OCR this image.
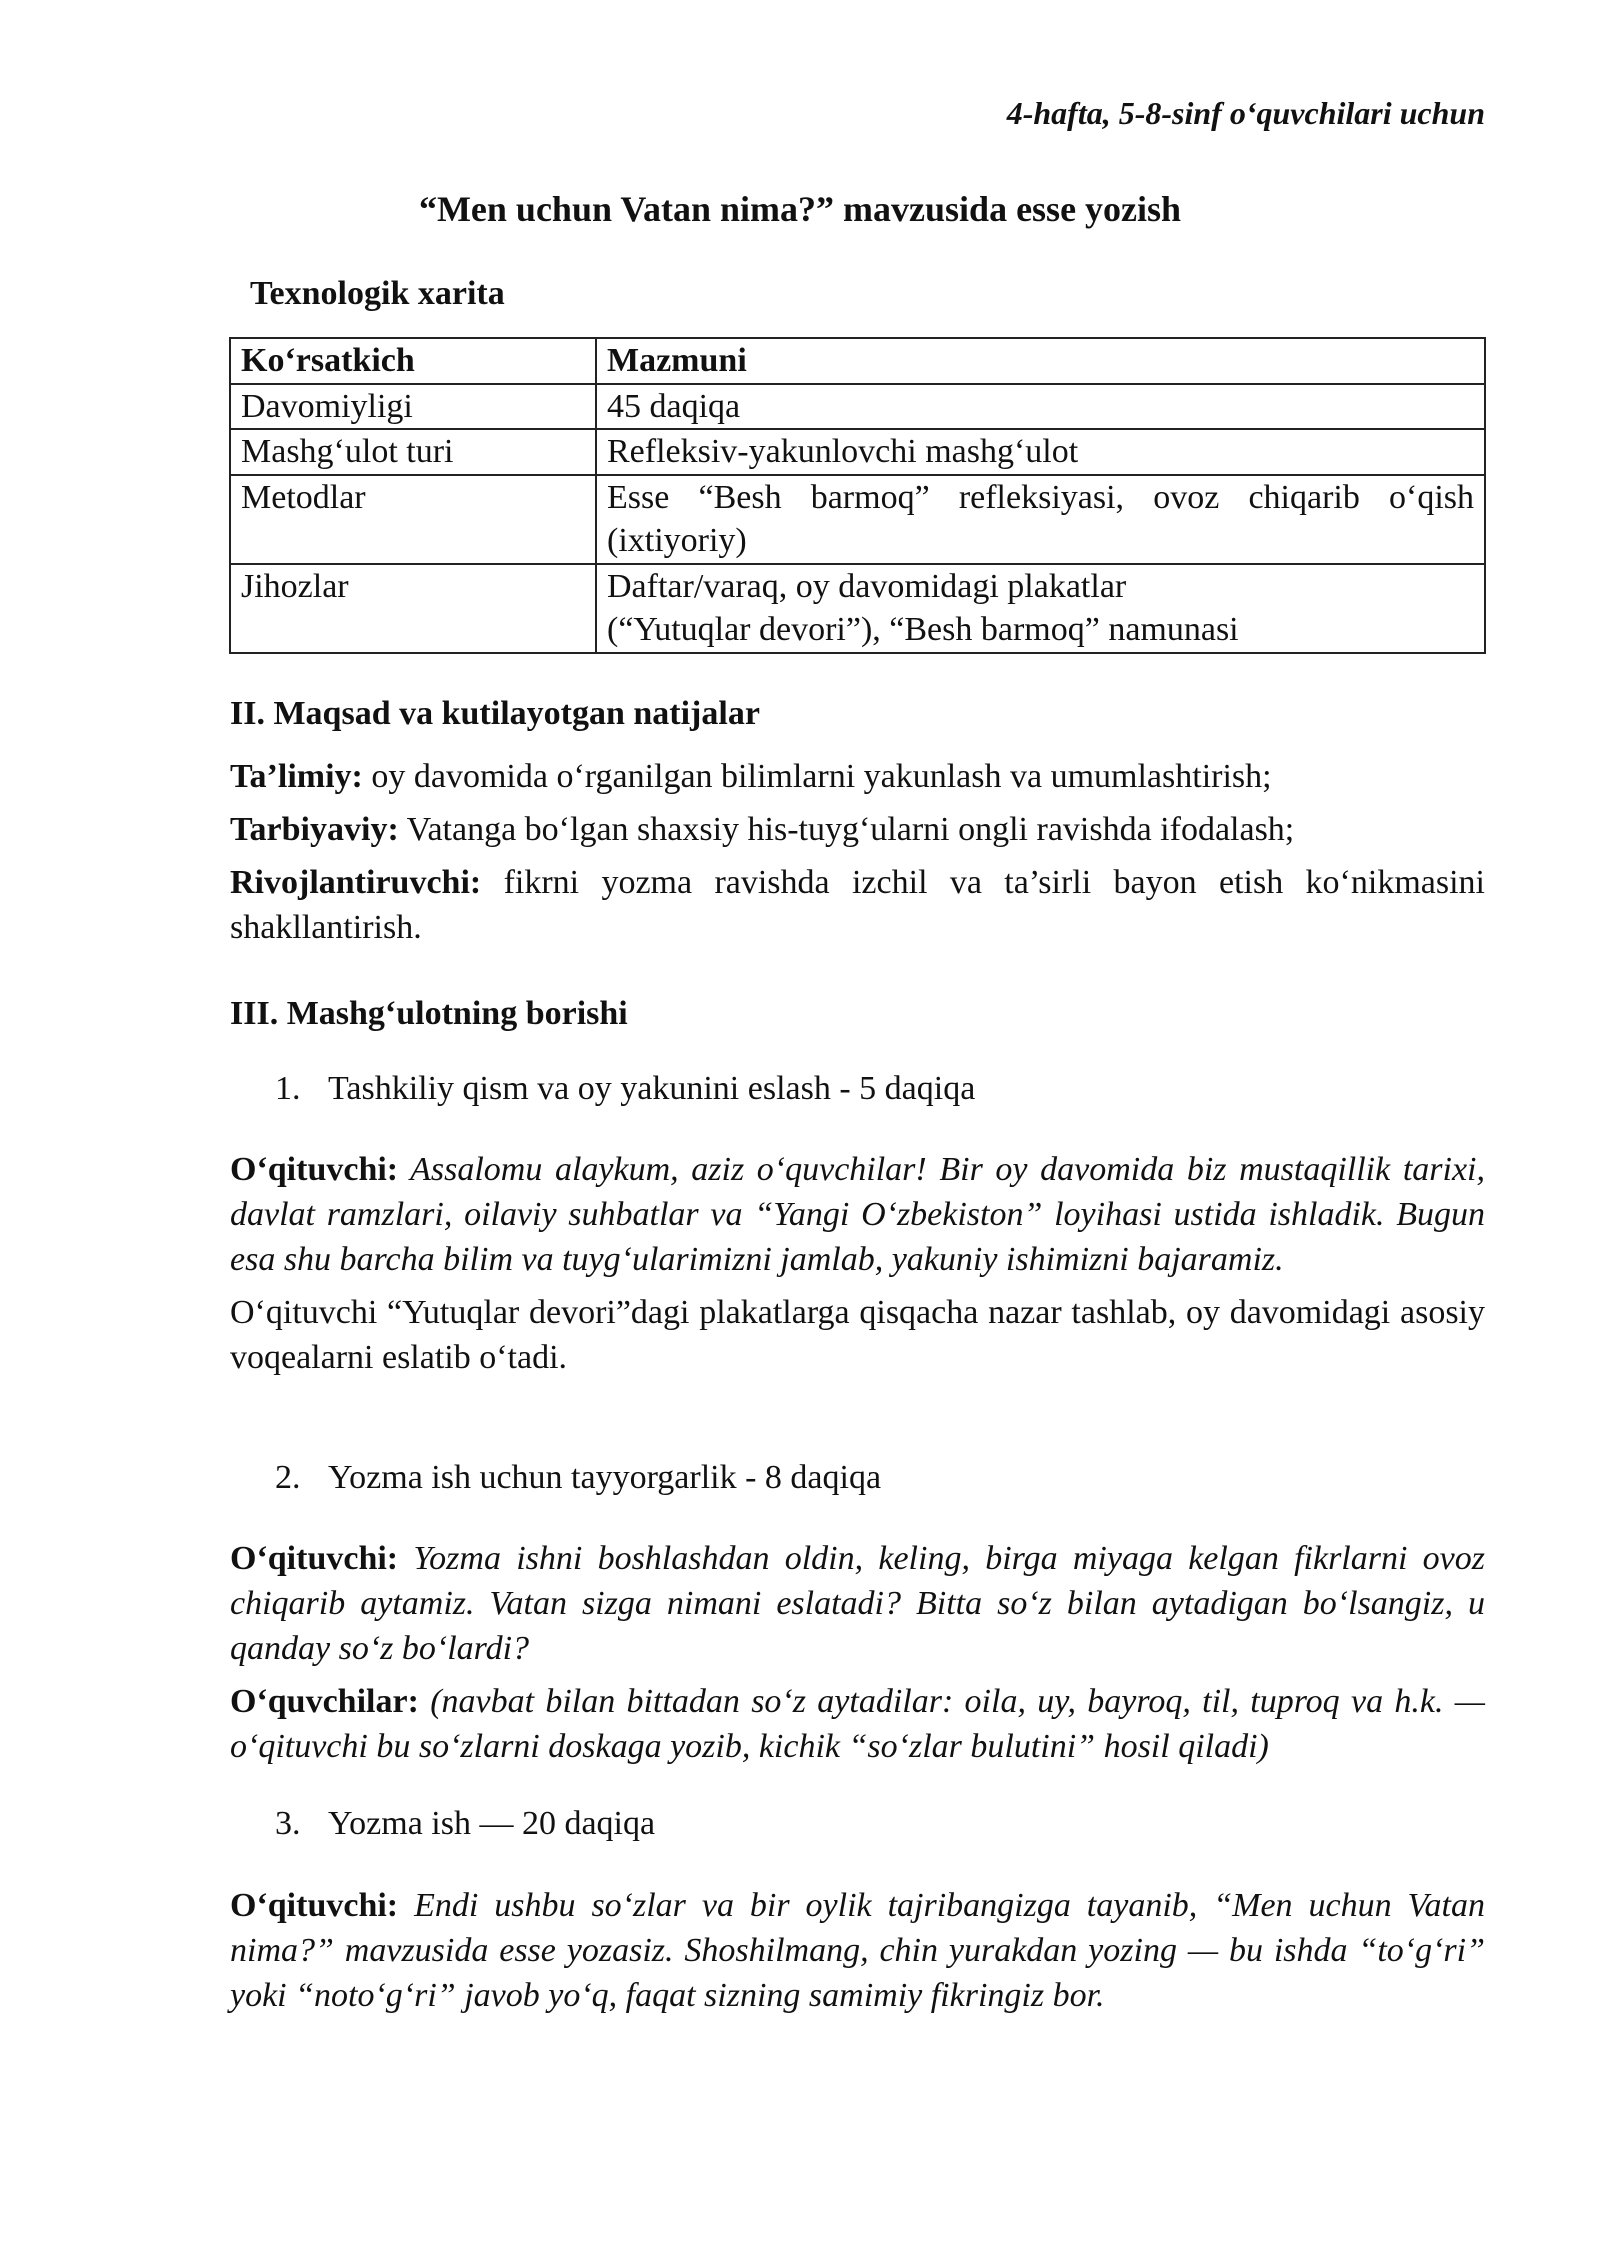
4-hafta, 5-8-sinf o‘quvchilari uchun
“Men uchun Vatan nima?” mavzusida esse yozish
Texnologik xarita
Ko‘rsatkich	Mazmuni
Davomiyligi	45 daqiqa
Mashg‘ulot turi	Refleksiv-yakunlovchi mashg‘ulot
Metodlar	Esse “Besh barmoq” refleksiyasi, ovoz chiqarib o‘qish (ixtiyoriy)
Jihozlar	Daftar/varaq, oy davomidagi plakatlar
(“Yutuqlar devori”), “Besh barmoq” namunasi
II. Maqsad va kutilayotgan natijalar
Ta’limiy: oy davomida o‘rganilgan bilimlarni yakunlash va umumlashtirish;
Tarbiyaviy: Vatanga bo‘lgan shaxsiy his-tuyg‘ularni ongli ravishda ifodalash;
Rivojlantiruvchi: fikrni yozma ravishda izchil va ta’sirli bayon etish ko‘nikmasini shakllantirish.
III. Mashg‘ulotning borishi
1. Tashkiliy qism va oy yakunini eslash - 5 daqiqa
O‘qituvchi: Assalomu alaykum, aziz o‘quvchilar! Bir oy davomida biz mustaqillik tarixi, davlat ramzlari, oilaviy suhbatlar va “Yangi O‘zbekiston” loyihasi ustida ishladik. Bugun esa shu barcha bilim va tuyg‘ularimizni jamlab, yakuniy ishimizni bajaramiz.
O‘qituvchi “Yutuqlar devori”dagi plakatlarga qisqacha nazar tashlab, oy davomidagi asosiy voqealarni eslatib o‘tadi.
2. Yozma ish uchun tayyorgarlik - 8 daqiqa
O‘qituvchi: Yozma ishni boshlashdan oldin, keling, birga miyaga kelgan fikrlarni ovoz chiqarib aytamiz. Vatan sizga nimani eslatadi? Bitta so‘z bilan aytadigan bo‘lsangiz, u qanday so‘z bo‘lardi?
O‘quvchilar: (navbat bilan bittadan so‘z aytadilar: oila, uy, bayroq, til, tuproq va h.k. — o‘qituvchi bu so‘zlarni doskaga yozib, kichik “so‘zlar bulutini” hosil qiladi)
3. Yozma ish — 20 daqiqa
O‘qituvchi: Endi ushbu so‘zlar va bir oylik tajribangizga tayanib, “Men uchun Vatan nima?” mavzusida esse yozasiz. Shoshilmang, chin yurakdan yozing — bu ishda “to‘g‘ri” yoki “noto‘g‘ri” javob yo‘q, faqat sizning samimiy fikringiz bor.
